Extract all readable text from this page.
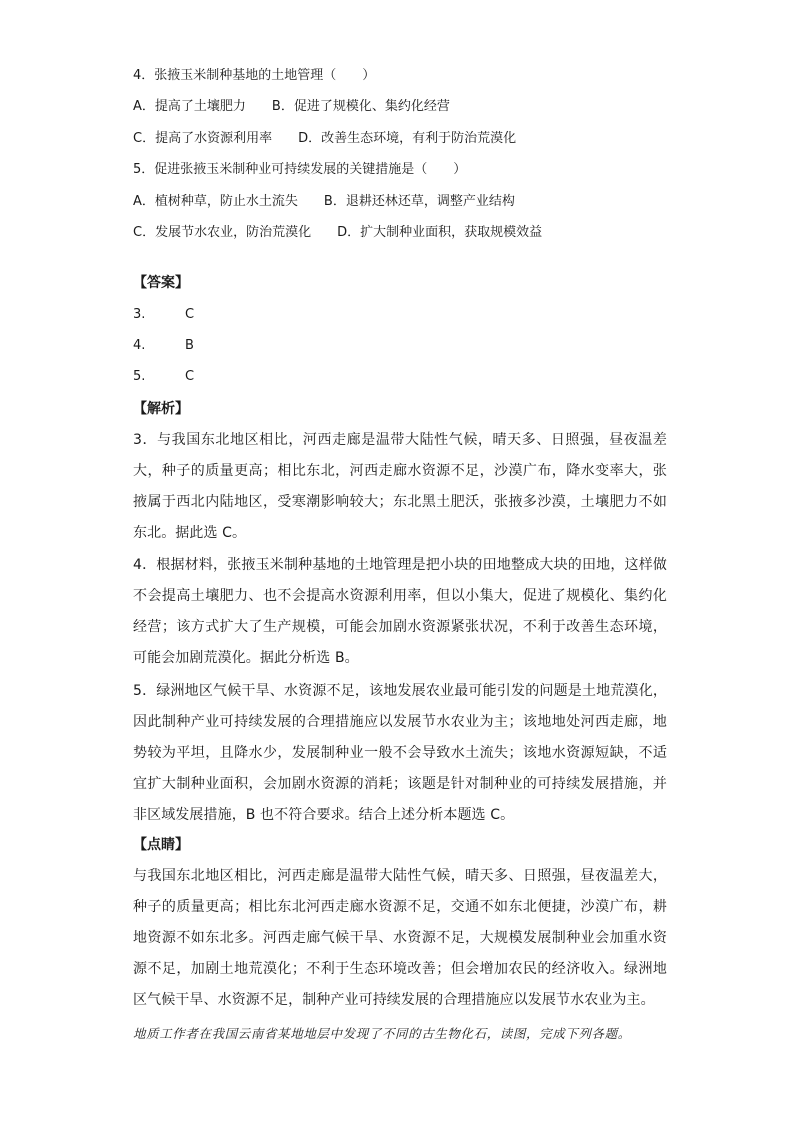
4．张掖玉米制种基地的土地管理（　　）
A．提高了土壤肥力 B．促进了规模化、集约化经营
C．提高了水资源利用率 D．改善生态环境，有利于防治荒漠化
5．促进张掖玉米制种业可持续发展的关键措施是（　　）
A．植树种草，防止水土流失 B．退耕还林还草，调整产业结构
C．发展节水农业，防治荒漠化 D．扩大制种业面积，获取规模效益
【答案】
3.	C
4.	B
5.	C
【解析】
3．与我国东北地区相比，河西走廊是温带大陆性气候，晴天多、日照强，昼夜温差大，种子的质量更高；相比东北，河西走廊水资源不足，沙漠广布，降水变率大，张掖属于西北内陆地区，受寒潮影响较大；东北黑土肥沃，张掖多沙漠，土壤肥力不如东北。据此选 C。
4．根据材料，张掖玉米制种基地的土地管理是把小块的田地整成大块的田地，这样做不会提高土壤肥力、也不会提高水资源利用率，但以小集大，促进了规模化、集约化经营；该方式扩大了生产规模，可能会加剧水资源紧张状况，不利于改善生态环境，可能会加剧荒漠化。据此分析选 B。
5．绿洲地区气候干旱、水资源不足，该地发展农业最可能引发的问题是土地荒漠化，因此制种产业可持续发展的合理措施应以发展节水农业为主；该地地处河西走廊，地势较为平坦，且降水少，发展制种业一般不会导致水土流失；该地水资源短缺，不适宜扩大制种业面积，会加剧水资源的消耗；该题是针对制种业的可持续发展措施，并非区域发展措施，B 也不符合要求。结合上述分析本题选 C。
【点睛】
与我国东北地区相比，河西走廊是温带大陆性气候，晴天多、日照强，昼夜温差大，种子的质量更高；相比东北河西走廊水资源不足，交通不如东北便捷，沙漠广布，耕地资源不如东北多。河西走廊气候干旱、水资源不足，大规模发展制种业会加重水资源不足，加剧土地荒漠化；不利于生态环境改善；但会增加农民的经济收入。绿洲地区气候干旱、水资源不足，制种产业可持续发展的合理措施应以发展节水农业为主。
地质工作者在我国云南省某地地层中发现了不同的古生物化石，读图，完成下列各题。
